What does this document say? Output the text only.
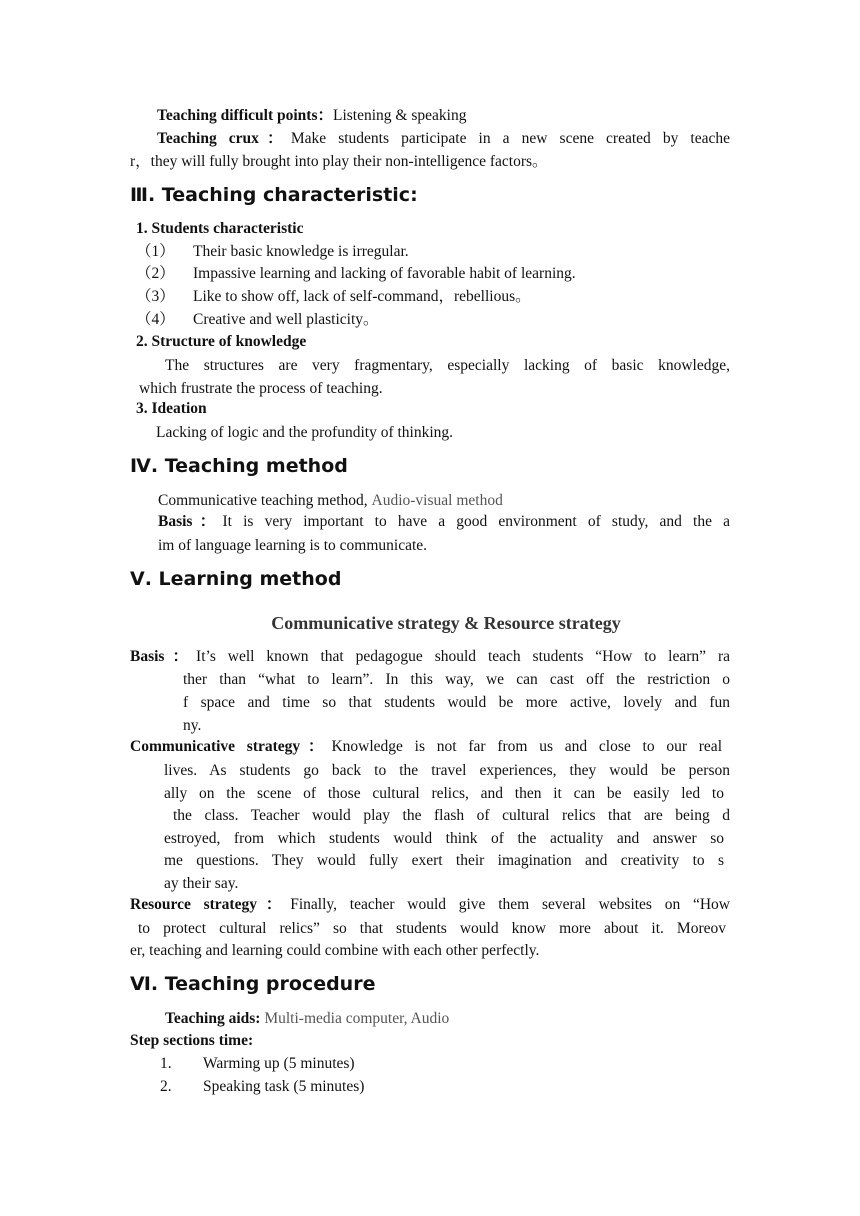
Teaching difficult points：Listening & speaking
Teaching crux：Make students participate in a new scene created by teache
r，they will fully brought into play their non-intelligence factors。
Ⅲ. Teaching characteristic:
1. Students characteristic
（1） Their basic knowledge is irregular.
（2） Impassive learning and lacking of favorable habit of learning.
（3） Like to show off, lack of self-command，rebellious。
（4） Creative and well plasticity。
2. Structure of knowledge
The structures are very fragmentary, especially lacking of basic knowledge,
which frustrate the process of teaching.
3. Ideation
Lacking of logic and the profundity of thinking.
Ⅳ. Teaching method
Communicative teaching method, Audio-visual method
Basis：It is very important to have a good environment of study, and the a
im of language learning is to communicate.
Ⅴ. Learning method
Communicative strategy & Resource strategy
Basis：It’s well known that pedagogue should teach students “How to learn” ra
ther than “what to learn”. In this way, we can cast off the restriction o
f space and time so that students would be more active, lovely and fun
ny.
Communicative strategy：Knowledge is not far from us and close to our real
lives. As students go back to the travel experiences, they would be person
ally on the scene of those cultural relics, and then it can be easily led to
the class. Teacher would play the flash of cultural relics that are being d
estroyed, from which students would think of the actuality and answer so
me questions. They would fully exert their imagination and creativity to s
ay their say.
Resource strategy：Finally, teacher would give them several websites on “How
to protect cultural relics” so that students would know more about it. Moreov
er, teaching and learning could combine with each other perfectly.
Ⅵ. Teaching procedure
Teaching aids: Multi-media computer, Audio
Step sections time:
1. Warming up (5 minutes)
2. Speaking task (5 minutes)
